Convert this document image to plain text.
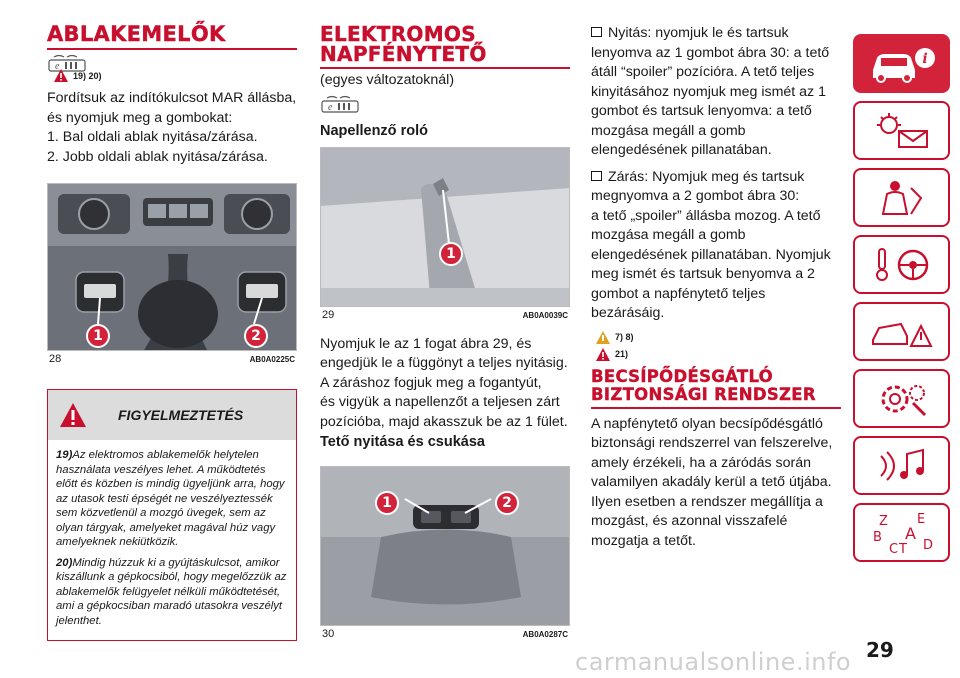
ABLAKEMELŐK
e
19) 20)

Fordítsuk az indítókulcsot MAR állásba,

és nyomjuk meg a gombokat:

1. Bal oldali ablak nyitása/zárása.

2. Jobb oldali ablak nyitása/zárása.

1	2
28	AB0A0225C
FIGYELMEZTETÉS

19)Az elektromos ablakemelők helytelen használata veszélyes lehet. A működtetés előtt és közben is mindig ügyeljünk arra, hogy az utasok testi épségét ne veszélyeztessék sem közvetlenül a mozgó üvegek, sem az olyan tárgyak, amelyeket magával húz vagy amelyeknek nekiütközik.

20)Mindig húzzuk ki a gyújtáskulcsot, amikor kiszállunk a gépkocsiból, hogy megelőzzük az ablakemelők felügyelet nélküli működtetését, ami a gépkocsiban maradó utasokra veszélyt jelenthet.

ELEKTROMOS
NAPFÉNYTETŐ
(egyes változatoknál)
e
Napellenző roló
1
29	AB0A0039C

Nyomjuk le az 1 fogat ábra 29, és

engedjük le a függönyt a teljes nyitásig.

A záráshoz fogjuk meg a fogantyút,

és vigyük a napellenzőt a teljesen zárt

pozícióba, majd akasszuk be az 1 fület.

Tető nyitása és csukása
1	2
30	AB0A0287C

Nyitás: nyomjuk le és tartsuk

lenyomva az 1 gombot ábra 30: a tető

átáll “spoiler” pozícióra. A tető teljes

kinyitásához nyomjuk meg ismét az 1

gombot és tartsuk lenyomva: a tető

mozgása megáll a gomb

elengedésének pillanatában.

Zárás: Nyomjuk meg és tartsuk

megnyomva a 2 gombot ábra 30:

a tető „spoiler” állásba mozog. A tető

mozgása megáll a gomb

elengedésének pillanatában. Nyomjuk

meg ismét és tartsuk benyomva a 2

gombot a napfénytető teljes

bezárásáig.

7) 8)
21)
BECSÍPŐDÉSGÁTLÓ
BIZTONSÁGI RENDSZER

A napfénytető olyan becsípődésgátló

biztonsági rendszerrel van felszerelve,

amely érzékeli, ha a záródás során

valamilyen akadály kerül a tető útjába.

Ilyen esetben a rendszer megállítja a

mozgást, és azonnal visszafelé

mozgatja a tetőt.

i
Z E
B A
C T D
29
carmanualsonline.info
